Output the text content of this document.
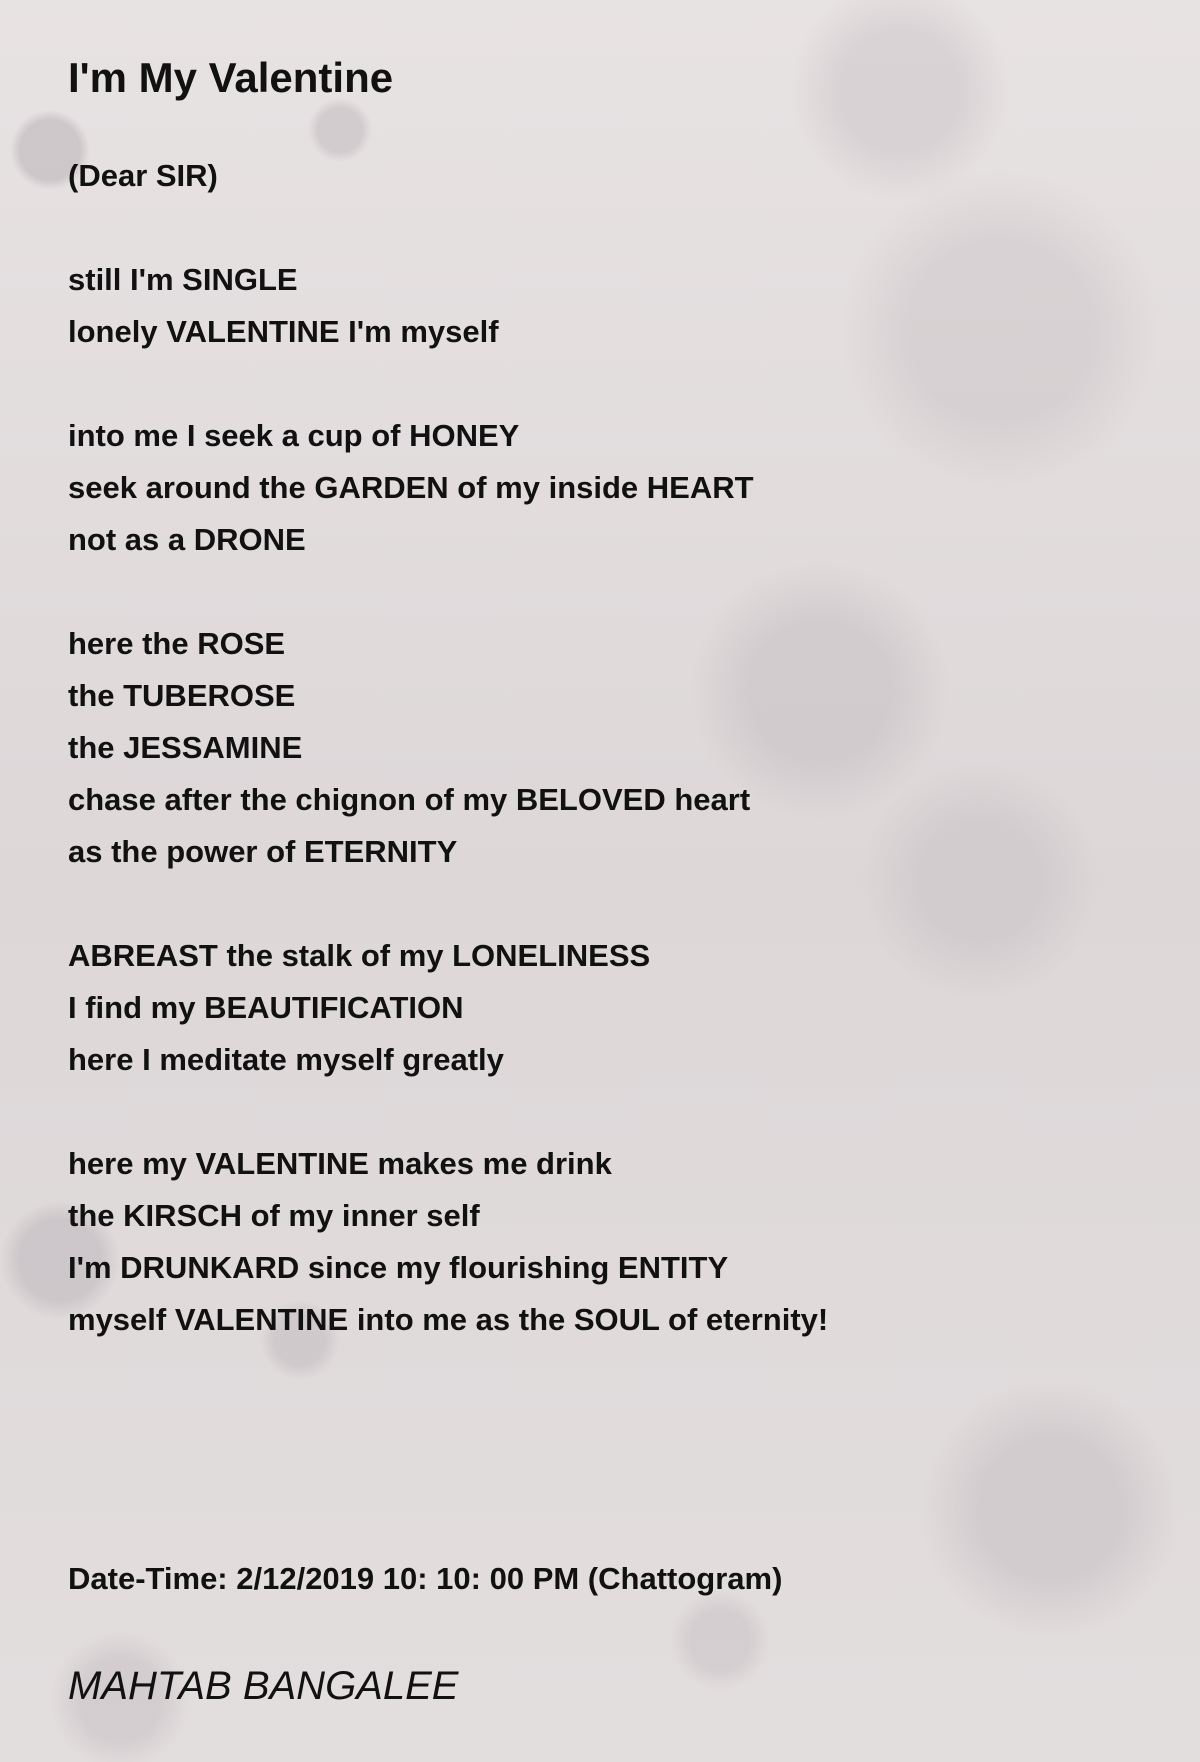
I'm My Valentine
(Dear SIR)
still I'm SINGLE
lonely VALENTINE I'm myself
into me I seek a cup of HONEY
seek around the GARDEN of my inside HEART
not as a DRONE
here the ROSE
the TUBEROSE
the JESSAMINE
chase after the chignon of my BELOVED heart
as the power of ETERNITY
ABREAST the stalk of my LONELINESS
I find my BEAUTIFICATION
here I meditate myself greatly
here my VALENTINE makes me drink
the KIRSCH of my inner self
I'm DRUNKARD since my flourishing ENTITY
myself VALENTINE into me as the SOUL of eternity!
Date-Time: 2/12/2019 10: 10: 00 PM (Chattogram)
MAHTAB BANGALEE
